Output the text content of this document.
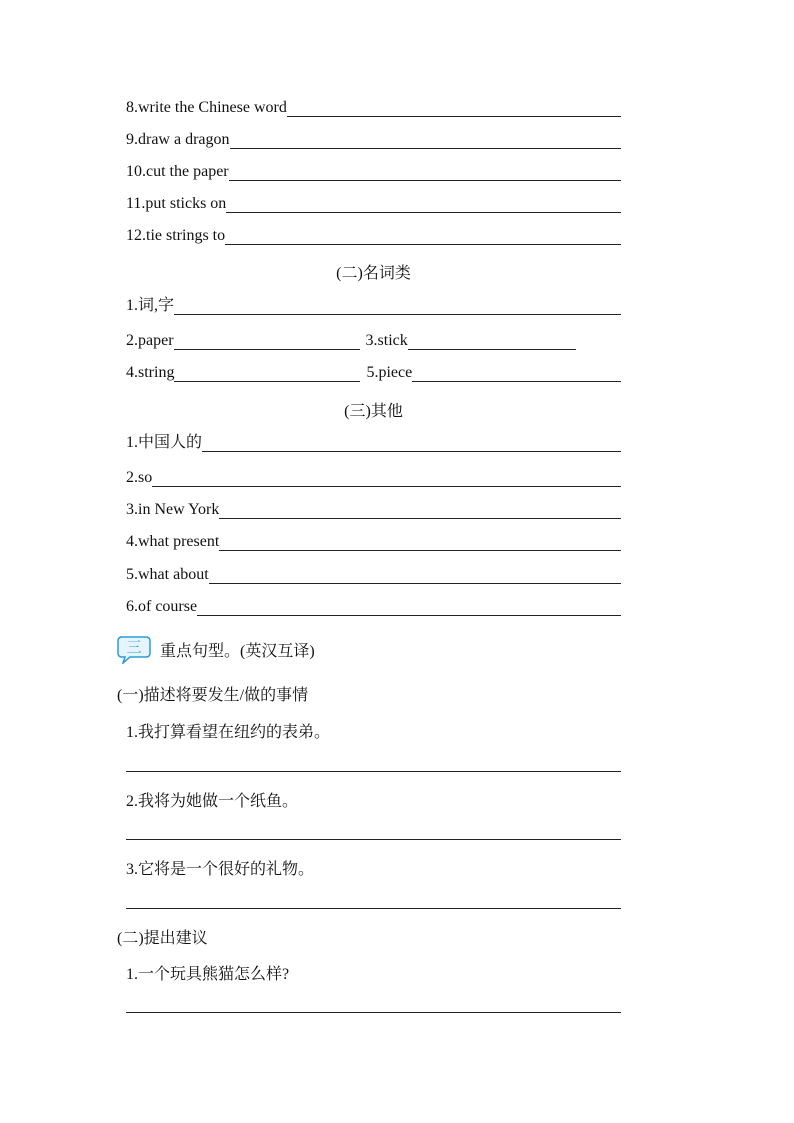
8.write the Chinese word
9.draw a dragon
10.cut the paper
11.put sticks on
12.tie strings to
(二)名词类
1.词,字
2.paper	3.stick
4.string	5.piece
(三)其他
1.中国人的
2.so
3.in New York
4.what present
5.what about
6.of course
三 重点句型。(英汉互译)
(一)描述将要发生/做的事情
1.我打算看望在纽约的表弟。
2.我将为她做一个纸鱼。
3.它将是一个很好的礼物。
(二)提出建议
1.一个玩具熊猫怎么样?
